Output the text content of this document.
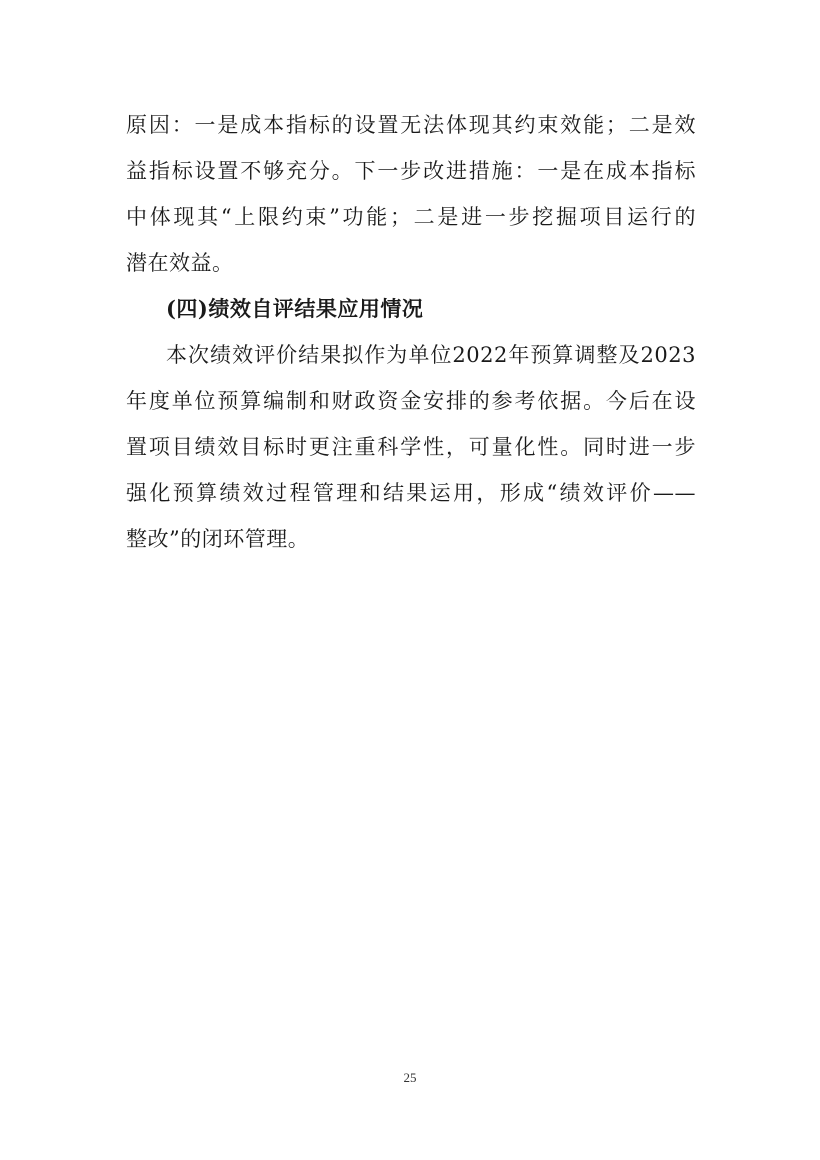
原因：一是成本指标的设置无法体现其约束效能；二是效
益指标设置不够充分。下一步改进措施：一是在成本指标
中体现其“上限约束”功能；二是进一步挖掘项目运行的
潜在效益。
(四)绩效自评结果应用情况
本次绩效评价结果拟作为单位2022年预算调整及2023
年度单位预算编制和财政资金安排的参考依据。今后在设
置项目绩效目标时更注重科学性，可量化性。同时进一步
强化预算绩效过程管理和结果运用，形成“绩效评价——
整改”的闭环管理。
25
